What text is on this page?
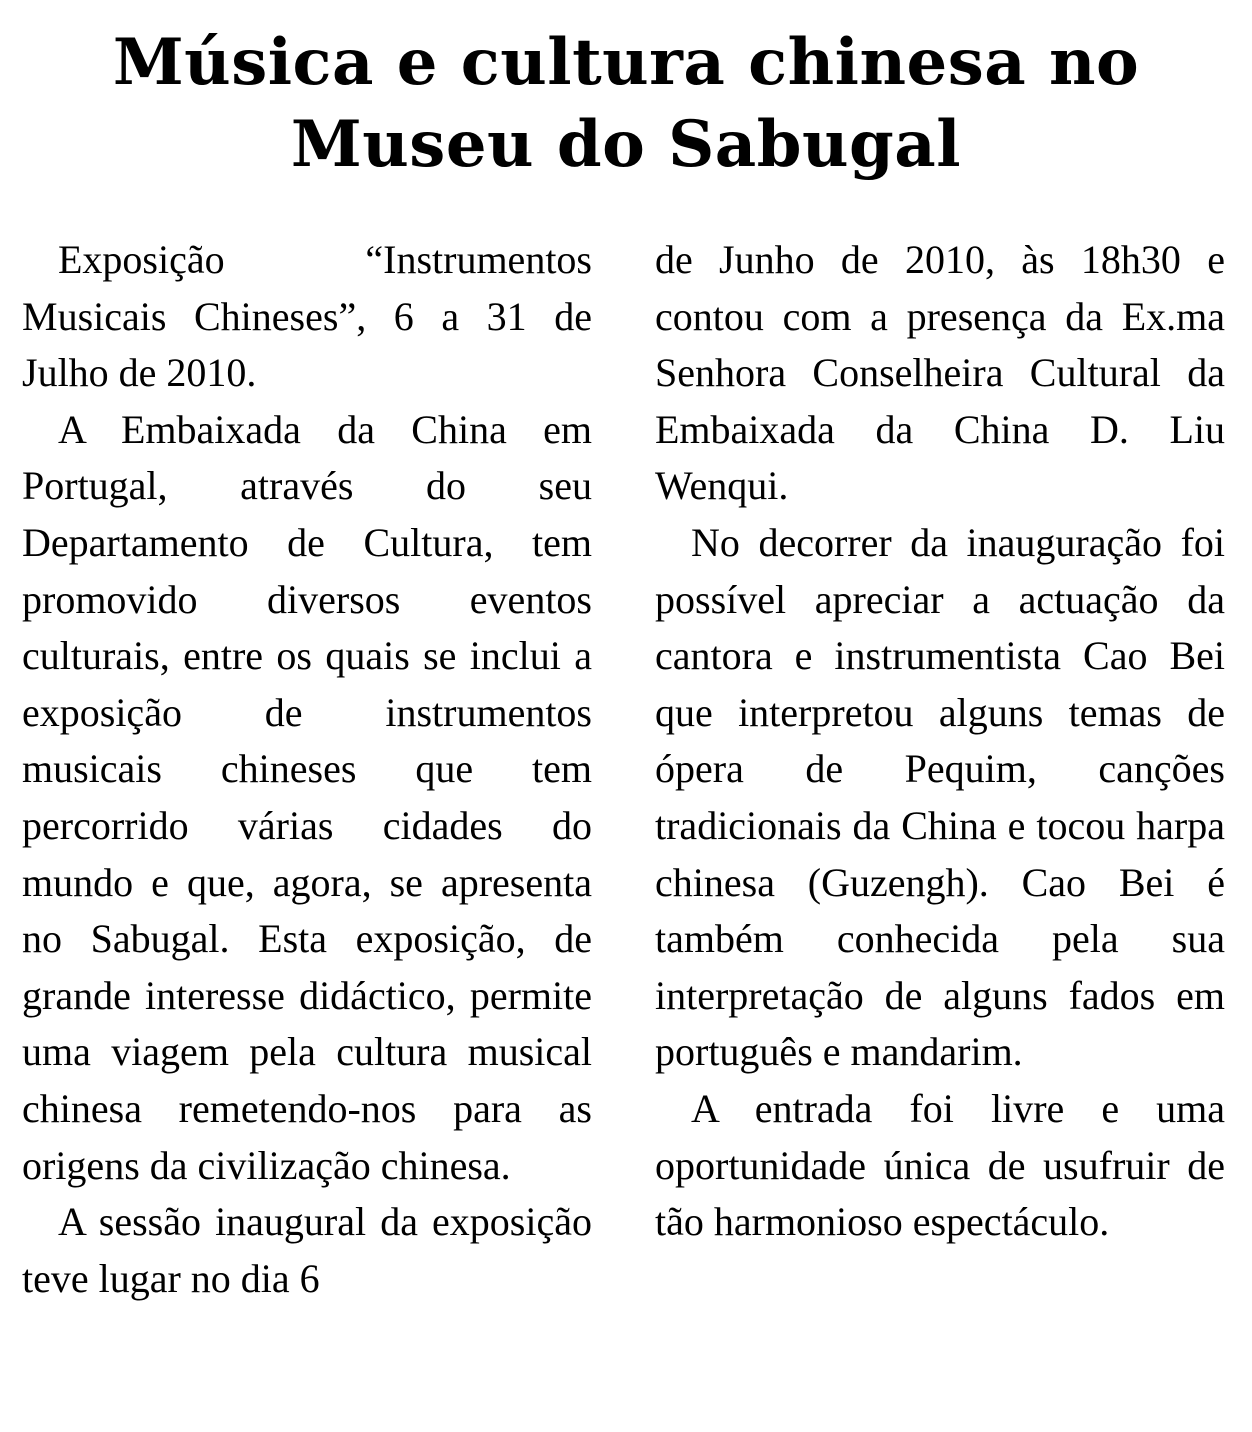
Música e cultura chinesa no
Museu do Sabugal

Exposição “Instrumentos Musicais Chineses”, 6 a 31 de Julho de 2010.

A Embaixada da China em Portugal, através do seu Departamento de Cultura, tem promovido diversos eventos culturais, entre os quais se inclui a exposição de instrumentos musicais chineses que tem percorrido várias cidades do mundo e que, agora, se apresenta no Sabugal. Esta exposição, de grande interesse didáctico, permite uma viagem pela cultura musical chinesa remetendo-nos para as origens da civilização chinesa.

A sessão inaugural da exposição teve lugar no dia 6

de Junho de 2010, às 18h30 e contou com a presença da Ex.ma Senhora Conselheira Cultural da Embaixada da China D. Liu Wenqui.

No decorrer da inauguração foi possível apreciar a actuação da cantora e instrumentista Cao Bei que interpretou alguns temas de ópera de Pequim, canções tradicionais da China e tocou harpa chinesa (Guzengh). Cao Bei é também conhecida pela sua interpretação de alguns fados em português e mandarim.

A entrada foi livre e uma oportunidade única de usufruir de tão harmonioso espectáculo.
